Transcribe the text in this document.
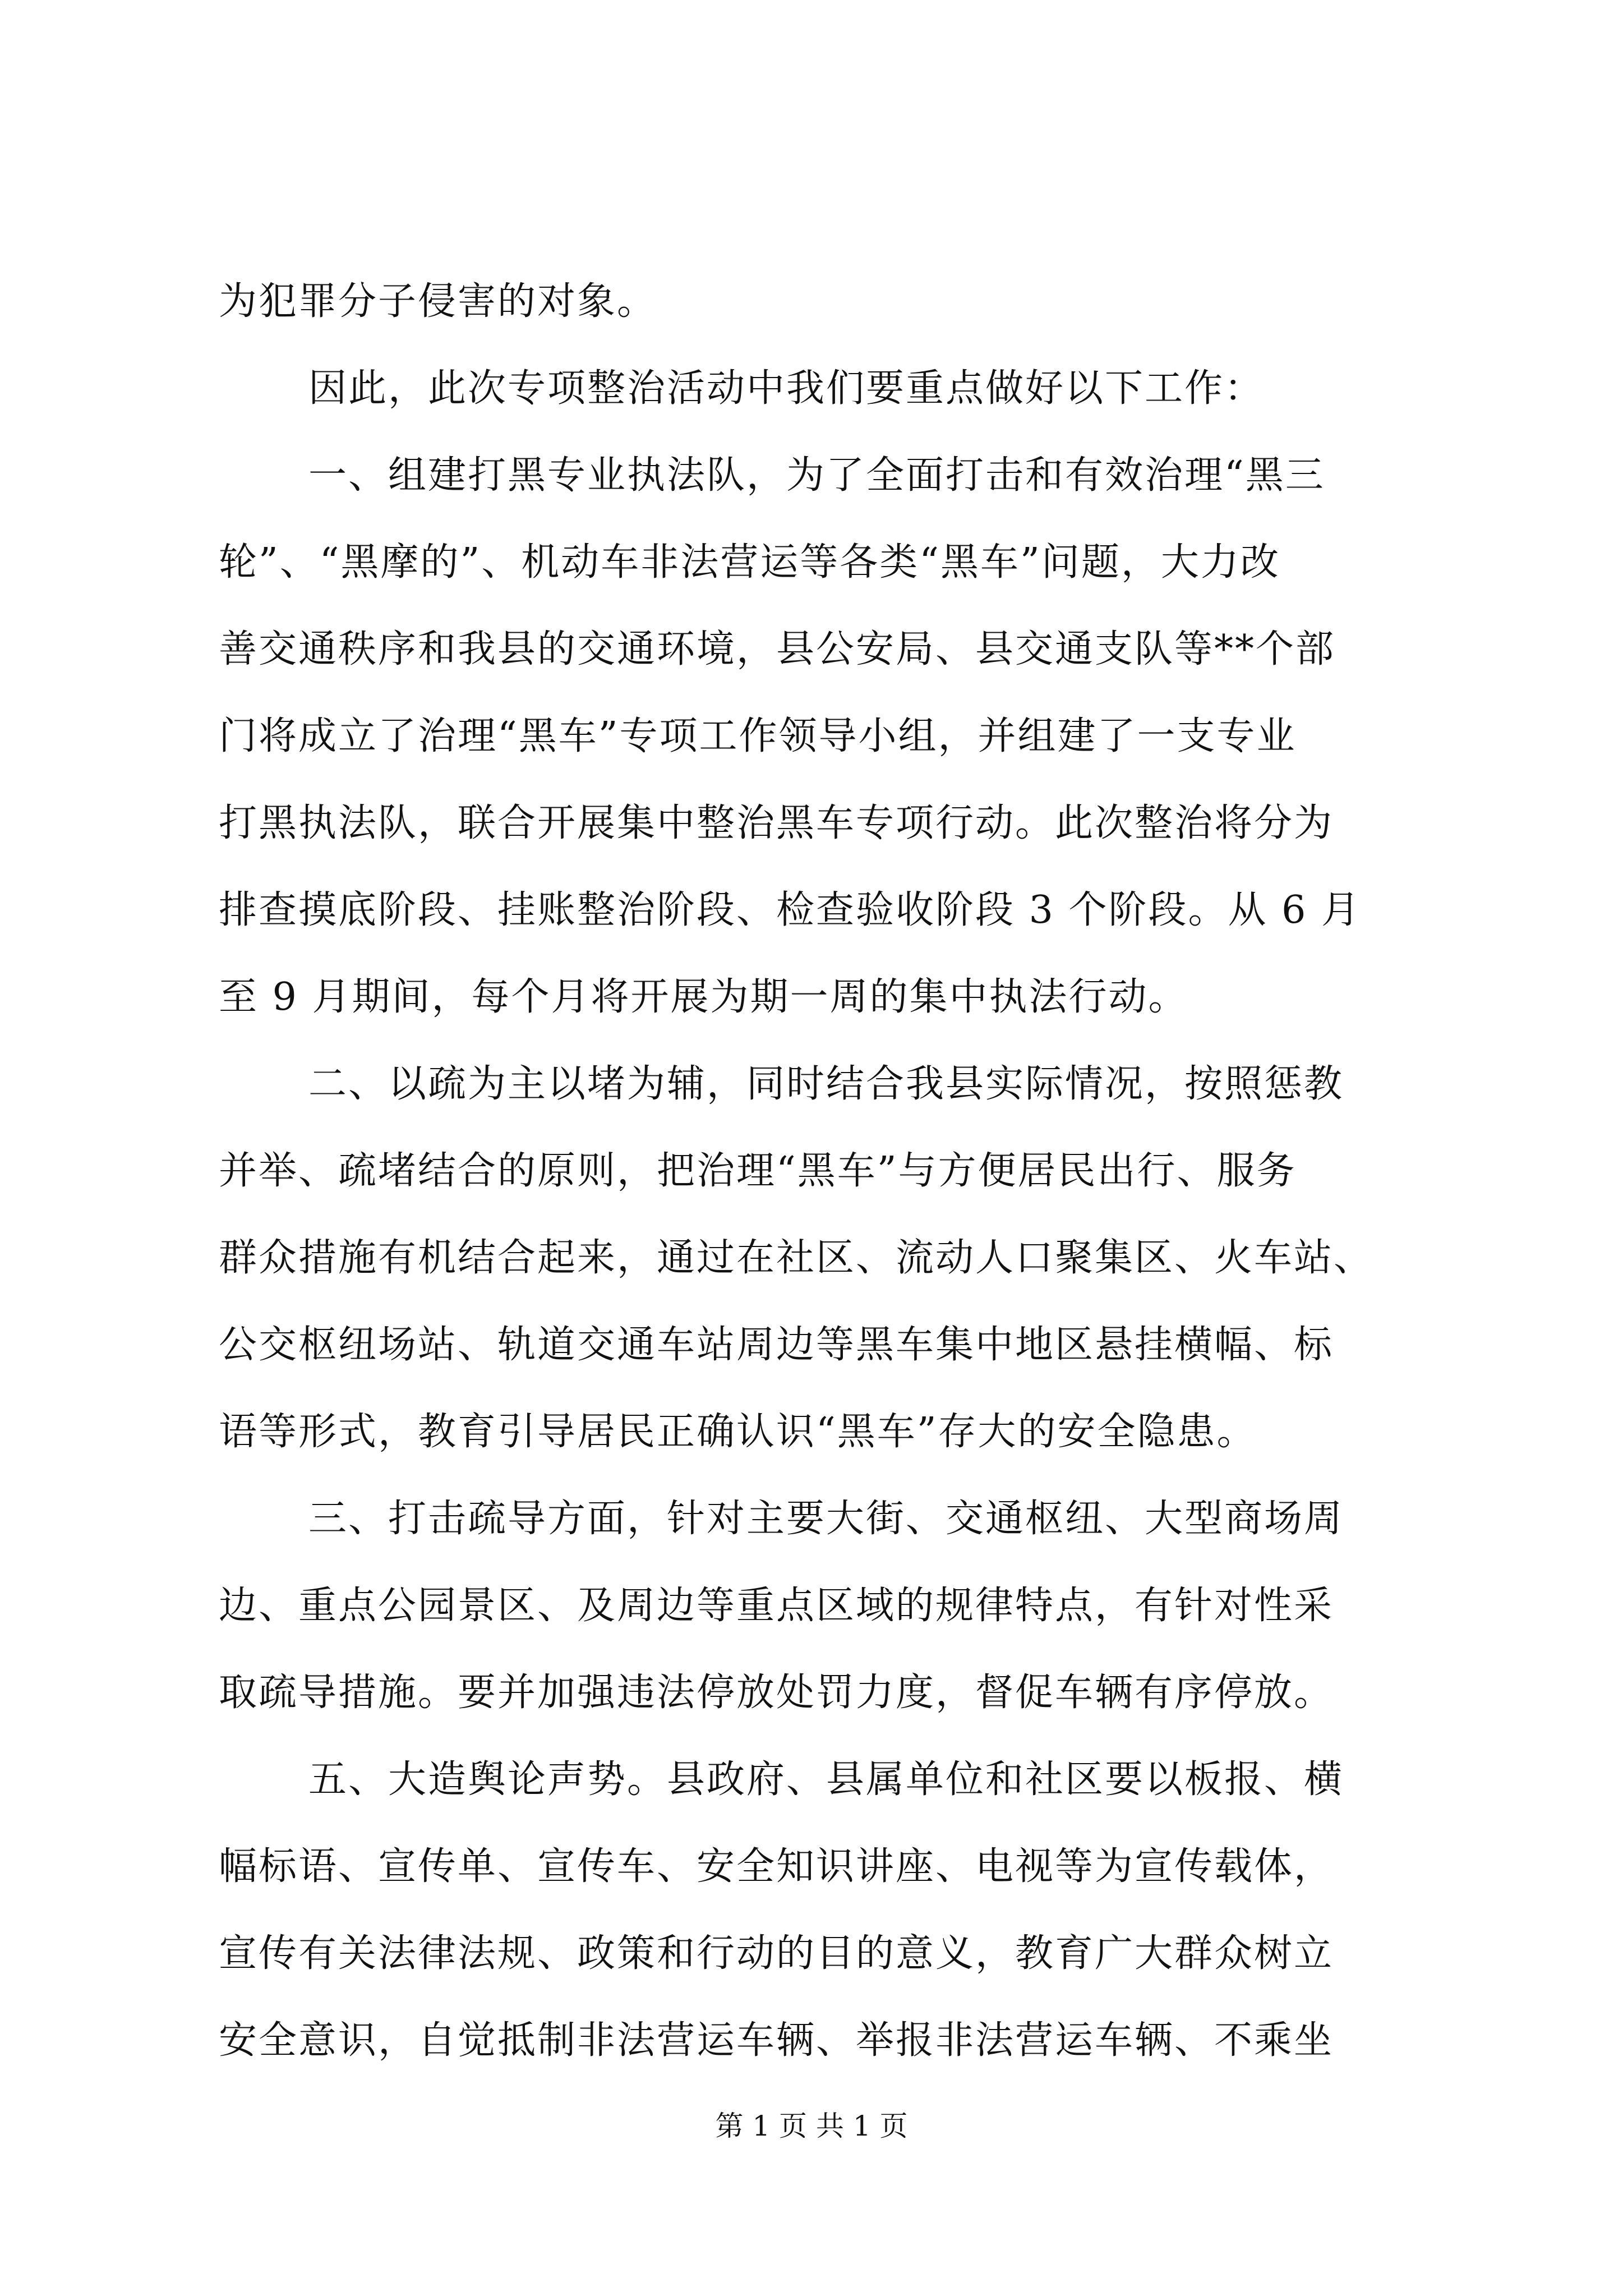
为犯罪分子侵害的对象。
因此，此次专项整治活动中我们要重点做好以下工作：
一、组建打黑专业执法队，为了全面打击和有效治理“黑三
轮”、“黑摩的”、机动车非法营运等各类“黑车”问题，大力改
善交通秩序和我县的交通环境，县公安局、县交通支队等**个部
门将成立了治理“黑车”专项工作领导小组，并组建了一支专业
打黑执法队，联合开展集中整治黑车专项行动。此次整治将分为
排查摸底阶段、挂账整治阶段、检查验收阶段 3 个阶段。从 6 月
至 9 月期间，每个月将开展为期一周的集中执法行动。
二、以疏为主以堵为辅，同时结合我县实际情况，按照惩教
并举、疏堵结合的原则，把治理“黑车”与方便居民出行、服务
群众措施有机结合起来，通过在社区、流动人口聚集区、火车站、
公交枢纽场站、轨道交通车站周边等黑车集中地区悬挂横幅、标
语等形式，教育引导居民正确认识“黑车”存大的安全隐患。
三、打击疏导方面，针对主要大街、交通枢纽、大型商场周
边、重点公园景区、及周边等重点区域的规律特点，有针对性采
取疏导措施。要并加强违法停放处罚力度，督促车辆有序停放。
五、大造舆论声势。县政府、县属单位和社区要以板报、横
幅标语、宣传单、宣传车、安全知识讲座、电视等为宣传载体，
宣传有关法律法规、政策和行动的目的意义，教育广大群众树立
安全意识，自觉抵制非法营运车辆、举报非法营运车辆、不乘坐
第 1 页 共 1 页
